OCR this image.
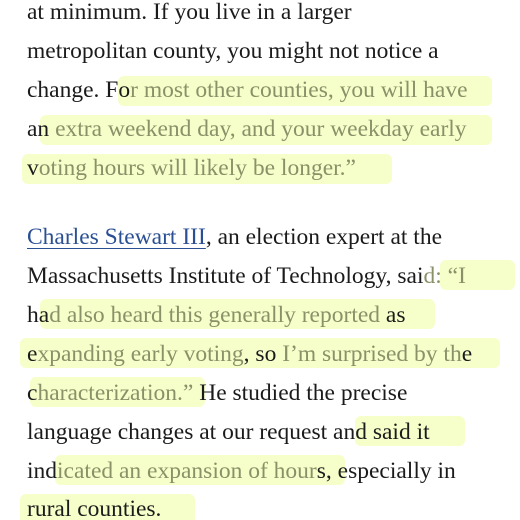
at minimum. If you live in a larger
metropolitan county, you might not notice a
change. For most other counties, you will have
an extra weekend day, and your weekday early
voting hours will likely be longer.”
Charles Stewart III, an election expert at the
Massachusetts Institute of Technology, said: “I
had also heard this generally reported as
expanding early voting, so I’m surprised by the
characterization.” He studied the precise
language changes at our request and said it
indicated an expansion of hours, especially in
rural counties.
